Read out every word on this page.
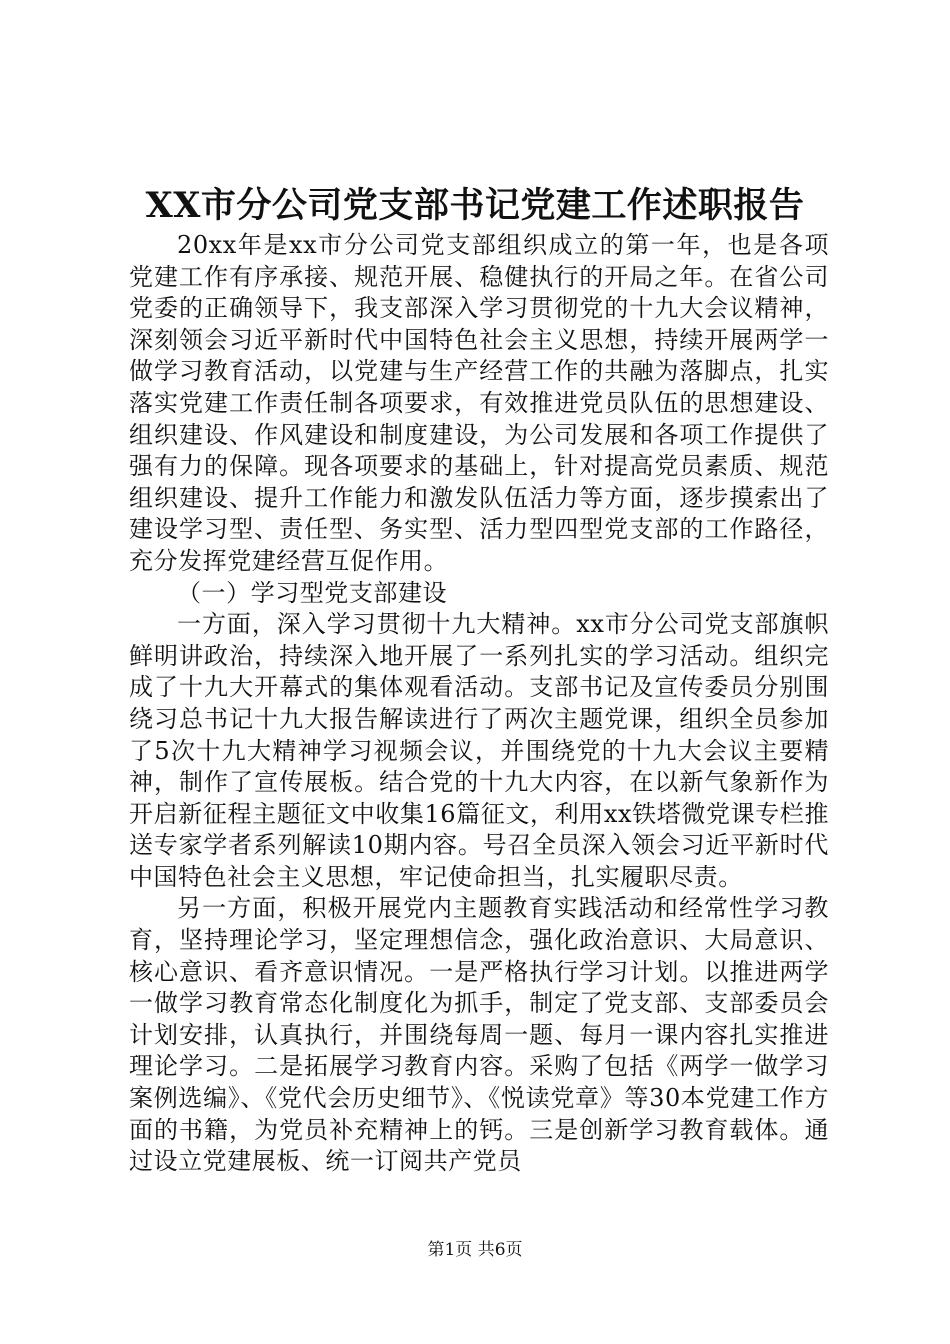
XX市分公司党支部书记党建工作述职报告

20xx年是xx市分公司党支部组织成立的第一年，也是各项党建工作有序承接、规范开展、稳健执行的开局之年。在省公司党委的正确领导下，我支部深入学习贯彻党的十九大会议精神，深刻领会习近平新时代中国特色社会主义思想，持续开展两学一做学习教育活动，以党建与生产经营工作的共融为落脚点，扎实落实党建工作责任制各项要求，有效推进党员队伍的思想建设、组织建设、作风建设和制度建设，为公司发展和各项工作提供了强有力的保障。现各项要求的基础上，针对提高党员素质、规范组织建设、提升工作能力和激发队伍活力等方面，逐步摸索出了建设学习型、责任型、务实型、活力型四型党支部的工作路径，充分发挥党建经营互促作用。

（一）学习型党支部建设

一方面，深入学习贯彻十九大精神。xx市分公司党支部旗帜鲜明讲政治，持续深入地开展了一系列扎实的学习活动。组织完成了十九大开幕式的集体观看活动。支部书记及宣传委员分别围绕习总书记十九大报告解读进行了两次主题党课，组织全员参加了5次十九大精神学习视频会议，并围绕党的十九大会议主要精神，制作了宣传展板。结合党的十九大内容，在以新气象新作为开启新征程主题征文中收集16篇征文，利用xx铁塔微党课专栏推送专家学者系列解读10期内容。号召全员深入领会习近平新时代中国特色社会主义思想，牢记使命担当，扎实履职尽责。

另一方面，积极开展党内主题教育实践活动和经常性学习教育，坚持理论学习，坚定理想信念，强化政治意识、大局意识、核心意识、看齐意识情况。一是严格执行学习计划。以推进两学一做学习教育常态化制度化为抓手，制定了党支部、支部委员会计划安排，认真执行，并围绕每周一题、每月一课内容扎实推进理论学习。二是拓展学习教育内容。采购了包括《两学一做学习案例选编》、《党代会历史细节》、《悦读党章》等30本党建工作方面的书籍，为党员补充精神上的钙。三是创新学习教育载体。通过设立党建展板、统一订阅共产党员

第1页 共6页
